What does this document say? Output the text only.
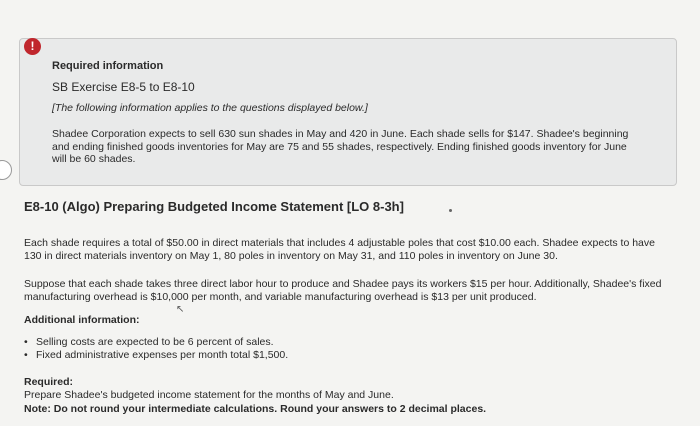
!
Required information
SB Exercise E8-5 to E8-10
[The following information applies to the questions displayed below.]
Shadee Corporation expects to sell 630 sun shades in May and 420 in June. Each shade sells for $147. Shadee's beginning and ending finished goods inventories for May are 75 and 55 shades, respectively. Ending finished goods inventory for June will be 60 shades.
E8-10 (Algo) Preparing Budgeted Income Statement [LO 8-3h]
Each shade requires a total of $50.00 in direct materials that includes 4 adjustable poles that cost $10.00 each. Shadee expects to have 130 in direct materials inventory on May 1, 80 poles in inventory on May 31, and 110 poles in inventory on June 30.
Suppose that each shade takes three direct labor hour to produce and Shadee pays its workers $15 per hour. Additionally, Shadee's fixed manufacturing overhead is $10,000 per month, and variable manufacturing overhead is $13 per unit produced.
↖
Additional information:
• Selling costs are expected to be 6 percent of sales.
• Fixed administrative expenses per month total $1,500.
Required:
Prepare Shadee's budgeted income statement for the months of May and June.
Note: Do not round your intermediate calculations. Round your answers to 2 decimal places.
